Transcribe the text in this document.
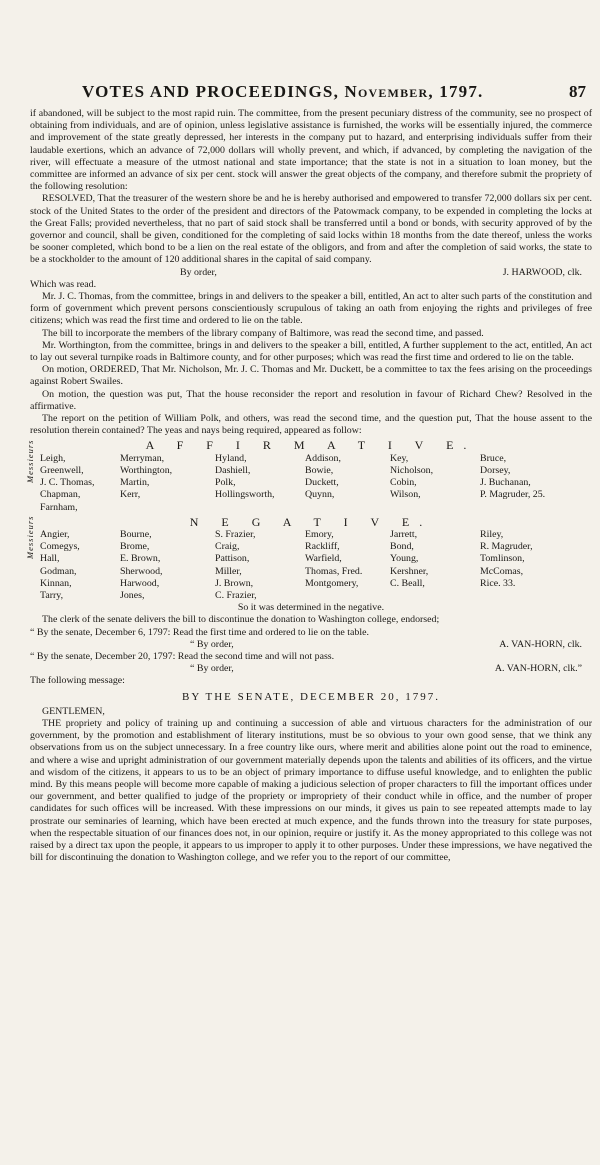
VOTES AND PROCEEDINGS, November, 1797.	87

if abandoned, will be subject to the most rapid ruin. The committee, from the present pecuniary distress of the community, see no prospect of obtaining from individuals, and are of opinion, unless legislative assistance is furnished, the works will be essentially injured, the commerce and improvement of the state greatly depressed, her interests in the company put to hazard, and enterprising individuals suffer from their laudable exertions, which an advance of 72,000 dollars will wholly prevent, and which, if advanced, by completing the navigation of the river, will effectuate a measure of the utmost national and state importance; that the state is not in a situation to loan money, but the committee are informed an advance of six per cent. stock will answer the great objects of the company, and therefore submit the propriety of the following resolution:

RESOLVED, That the treasurer of the western shore be and he is hereby authorised and empowered to transfer 72,000 dollars six per cent. stock of the United States to the order of the president and directors of the Patowmack company, to be expended in completing the locks at the Great Falls; provided nevertheless, that no part of said stock shall be transferred until a bond or bonds, with security approved of by the governor and council, shall be given, conditioned for the completing of said locks within 18 months from the date thereof, unless the works be sooner completed, which bond to be a lien on the real estate of the obligors, and from and after the completion of said works, the state to be a stockholder to the amount of 120 additional shares in the capital of said company.

By order,	J. HARWOOD, clk.

Which was read.

Mr. J. C. Thomas, from the committee, brings in and delivers to the speaker a bill, entitled, An act to alter such parts of the constitution and form of government which prevent persons conscientiously scrupulous of taking an oath from enjoying the rights and privileges of free citizens; which was read the first time and ordered to lie on the table.

The bill to incorporate the members of the library company of Baltimore, was read the second time, and passed.

Mr. Worthington, from the committee, brings in and delivers to the speaker a bill, entitled, A further supplement to the act, entitled, An act to lay out several turnpike roads in Baltimore county, and for other purposes; which was read the first time and ordered to lie on the table.

On motion, ORDERED, That Mr. Nicholson, Mr. J. C. Thomas and Mr. Duckett, be a committee to tax the fees arising on the proceedings against Robert Swailes.

On motion, the question was put, That the house reconsider the report and resolution in favour of Richard Chew? Resolved in the affirmative.

The report on the petition of William Polk, and others, was read the second time, and the question put, That the house assent to the resolution therein contained? The yeas and nays being required, appeared as follow:

A F F I R M A T I V E.
Messieurs Leigh,	Merryman,	Hyland,	Addison,	Key,	Bruce,
Greenwell,	Worthington,	Dashiell,	Bowie,	Nicholson,	Dorsey,
J. C. Thomas,	Martin,	Polk,	Duckett,	Cobin,	J. Buchanan,
Chapman,	Kerr,	Hollingsworth,	Quynn,	Wilson,	P. Magruder, 25.
Farnham,
N E G A T I V E.
Messieurs Angier,	Bourne,	S. Frazier,	Emory,	Jarrett,	Riley,
Comegys,	Brome,	Craig,	Rackliff,	Bond,	R. Magruder,
Hall,	E. Brown,	Pattison,	Warfield,	Young,	Tomlinson,
Godman,	Sherwood,	Miller,	Thomas, Fred.	Kershner,	McComas,
Kinnan,	Harwood,	J. Brown,	Montgomery,	C. Beall,	Rice. 33.
Tarry,	Jones,	C. Frazier,
So it was determined in the negative.

The clerk of the senate delivers the bill to discontinue the donation to Washington college, endorsed;

“ By the senate, December 6, 1797: Read the first time and ordered to lie on the table.

“ By order,	A. VAN-HORN, clk.

“ By the senate, December 20, 1797: Read the second time and will not pass.

“ By order,	A. VAN-HORN, clk.”

The following message:

BY THE SENATE, DECEMBER 20, 1797.

GENTLEMEN,

THE propriety and policy of training up and continuing a succession of able and virtuous characters for the administration of our government, by the promotion and establishment of literary institutions, must be so obvious to your own good sense, that we think any observations from us on the subject unnecessary. In a free country like ours, where merit and abilities alone point out the road to eminence, and where a wise and upright administration of our government materially depends upon the talents and abilities of its officers, and the virtue and wisdom of the citizens, it appears to us to be an object of primary importance to diffuse useful knowledge, and to enlighten the public mind. By this means people will become more capable of making a judicious selection of proper characters to fill the important offices under our government, and better qualified to judge of the propriety or impropriety of their conduct while in office, and the number of proper candidates for such offices will be increased. With these impressions on our minds, it gives us pain to see repeated attempts made to lay prostrate our seminaries of learning, which have been erected at much expence, and the funds thrown into the treasury for state purposes, when the respectable situation of our finances does not, in our opinion, require or justify it. As the money appropriated to this college was not raised by a direct tax upon the people, it appears to us improper to apply it to other purposes. Under these impressions, we have negatived the bill for discontinuing the donation to Washington college, and we refer you to the report of our committee,
